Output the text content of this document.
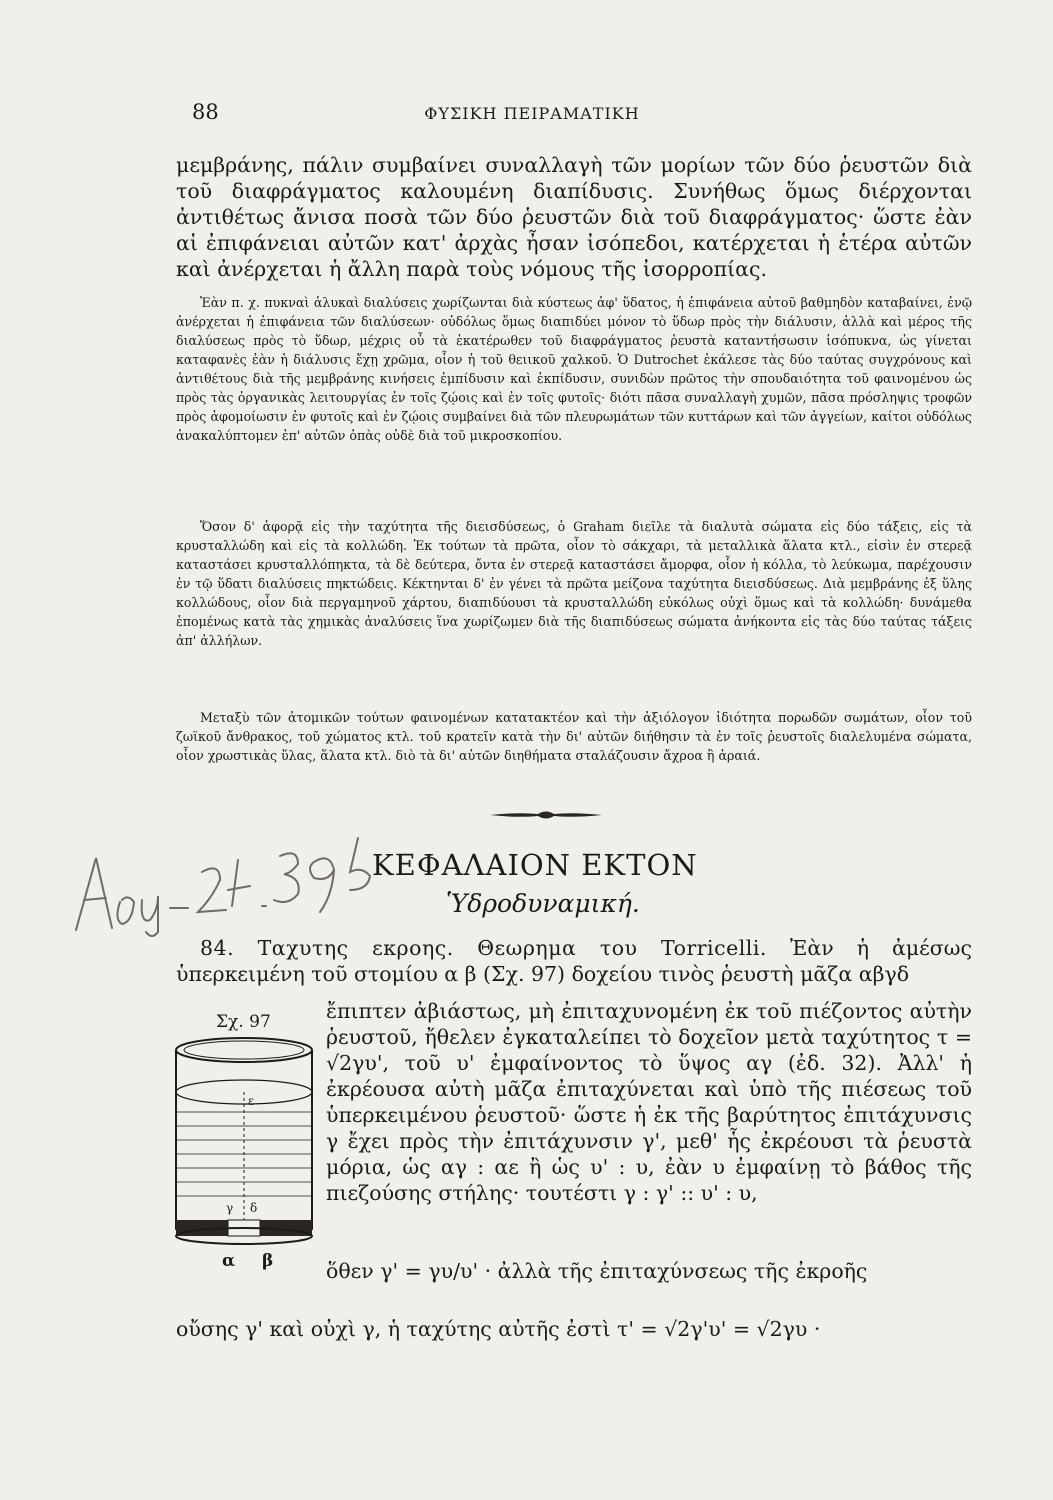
88	ΦΥΣΙΚΗ ΠΕΙΡΑΜΑΤΙΚΗ

μεμβράνης, πάλιν συμβαίνει συναλλαγὴ τῶν μορίων τῶν δύο ῥευστῶν διὰ τοῦ διαφράγματος καλουμένη διαπίδυσις. Συνήθως ὅμως διέρχονται ἀντιθέτως ἄνισα ποσὰ τῶν δύο ῥευστῶν διὰ τοῦ διαφράγματος· ὥστε ἐὰν αἱ ἐπιφάνειαι αὐτῶν κατ' ἀρχὰς ἦσαν ἰσόπεδοι, κατέρχεται ἡ ἑτέρα αὐτῶν καὶ ἀνέρχεται ἡ ἄλλη παρὰ τοὺς νόμους τῆς ἰσορροπίας.

Ἐὰν π. χ. πυκναὶ ἁλυκαὶ διαλύσεις χωρίζωνται διὰ κύστεως ἀφ' ὕδατος, ἡ ἐπιφάνεια αὐτοῦ βαθμηδὸν καταβαίνει, ἐνῷ ἀνέρχεται ἡ ἐπιφάνεια τῶν διαλύσεων· οὐδόλως ὅμως διαπιδύει μόνον τὸ ὕδωρ πρὸς τὴν διάλυσιν, ἀλλὰ καὶ μέρος τῆς διαλύσεως πρὸς τὸ ὕδωρ, μέχρις οὗ τὰ ἑκατέρωθεν τοῦ διαφράγματος ῥευστὰ καταντήσωσιν ἰσόπυκνα, ὡς γίνεται καταφανὲς ἐὰν ἡ διάλυσις ἔχῃ χρῶμα, οἷον ἡ τοῦ θειικοῦ χαλκοῦ. Ὁ Dutrochet ἐκάλεσε τὰς δύο ταύτας συγχρόνους καὶ ἀντιθέτους διὰ τῆς μεμβράνης κινήσεις ἐμπίδυσιν καὶ ἐκπίδυσιν, συνιδὼν πρῶτος τὴν σπουδαιότητα τοῦ φαινομένου ὡς πρὸς τὰς ὀργανικὰς λειτουργίας ἐν τοῖς ζῴοις καὶ ἐν τοῖς φυτοῖς· διότι πᾶσα συναλλαγὴ χυμῶν, πᾶσα πρόσληψις τροφῶν πρὸς ἀφομοίωσιν ἐν φυτοῖς καὶ ἐν ζῴοις συμβαίνει διὰ τῶν πλευρωμάτων τῶν κυττάρων καὶ τῶν ἀγγείων, καίτοι οὐδόλως ἀνακαλύπτομεν ἐπ' αὐτῶν ὀπὰς οὐδὲ διὰ τοῦ μικροσκοπίου.

Ὅσον δ' ἀφορᾷ εἰς τὴν ταχύτητα τῆς διεισδύσεως, ὁ Graham διεῖλε τὰ διαλυτὰ σώματα εἰς δύο τάξεις, εἰς τὰ κρυσταλλώδη καὶ εἰς τὰ κολλώδη. Ἐκ τούτων τὰ πρῶτα, οἷον τὸ σάκχαρι, τὰ μεταλλικὰ ἅλατα κτλ., εἰσὶν ἐν στερεᾷ καταστάσει κρυσταλλόπηκτα, τὰ δὲ δεύτερα, ὄντα ἐν στερεᾷ καταστάσει ἄμορφα, οἷον ἡ κόλλα, τὸ λεύκωμα, παρέχουσιν ἐν τῷ ὕδατι διαλύσεις πηκτώδεις. Κέκτηνται δ' ἐν γένει τὰ πρῶτα μείζονα ταχύτητα διεισδύσεως. Διὰ μεμβράνης ἐξ ὕλης κολλώδους, οἷον διὰ περγαμηνοῦ χάρτου, διαπιδύουσι τὰ κρυσταλλώδη εὐκόλως οὐχὶ ὅμως καὶ τὰ κολλώδη· δυνάμεθα ἑπομένως κατὰ τὰς χημικὰς ἀναλύσεις ἵνα χωρίζωμεν διὰ τῆς διαπιδύσεως σώματα ἀνήκοντα εἰς τὰς δύο ταύτας τάξεις ἀπ' ἀλλήλων.

Μεταξὺ τῶν ἀτομικῶν τούτων φαινομένων κατατακτέον καὶ τὴν ἀξιόλογον ἰδιότητα πορωδῶν σωμάτων, οἷον τοῦ ζωϊκοῦ ἄνθρακος, τοῦ χώματος κτλ. τοῦ κρατεῖν κατὰ τὴν δι' αὐτῶν διήθησιν τὰ ἐν τοῖς ῥευστοῖς διαλελυμένα σώματα, οἷον χρωστικὰς ὕλας, ἅλατα κτλ. διὸ τὰ δι' αὐτῶν διηθήματα σταλάζουσιν ἄχροα ἢ ἀραιά.

ΚΕΦΑΛΑΙΟΝ ΕΚΤΟΝ
Ὑδροδυναμική.

84. Ταχυτης εκροης. Θεωρημα του Torricelli. Ἐὰν ἡ ἀμέσως ὑπερκειμένη τοῦ στομίου α β (Σχ. 97) δοχείου τινὸς ῥευστὴ μᾶζα αβγδ

Σχ. 97
ε
δ
γ
α β

ἔπιπτεν ἀβιάστως, μὴ ἐπιταχυνομένη ἐκ τοῦ πιέζοντος αὐτὴν ῥευστοῦ, ἤθελεν ἐγκαταλείπει τὸ δοχεῖον μετὰ ταχύτητος τ = √2γυ', τοῦ υ' ἐμφαίνοντος τὸ ὕψος αγ (ἐδ. 32). Ἀλλ' ἡ ἐκρέουσα αὐτὴ μᾶζα ἐπιταχύνεται καὶ ὑπὸ τῆς πιέσεως τοῦ ὑπερκειμένου ῥευστοῦ· ὥστε ἡ ἐκ τῆς βαρύτητος ἐπιτάχυνσις γ ἔχει πρὸς τὴν ἐπιτάχυνσιν γ', μεθ' ἧς ἐκρέουσι τὰ ῥευστὰ μόρια, ὡς αγ : αε ἢ ὡς υ' : υ, ἐὰν υ ἐμφαίνῃ τὸ βάθος τῆς πιεζούσης στήλης· τουτέστι γ : γ' :: υ' : υ,

ὅθεν γ' = γυ/υ' · ἀλλὰ τῆς ἐπιταχύνσεως τῆς ἐκροῆς
οὔσης γ' καὶ οὐχὶ γ, ἡ ταχύτης αὐτῆς ἐστὶ τ' = √2γ'υ' = √2γυ ·
